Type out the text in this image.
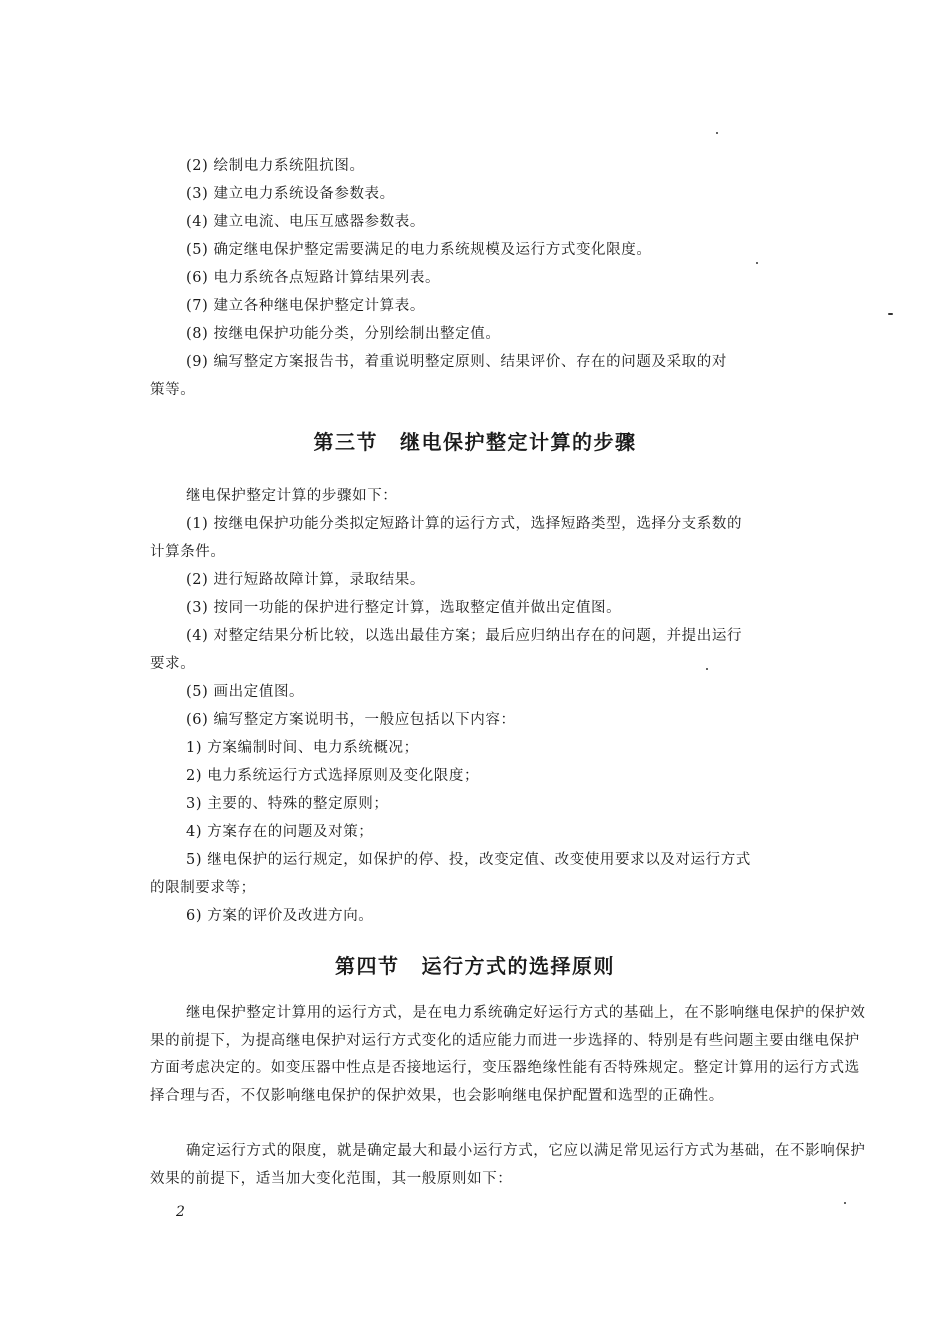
(2) 绘制电力系统阻抗图。
(3) 建立电力系统设备参数表。
(4) 建立电流、电压互感器参数表。
(5) 确定继电保护整定需要满足的电力系统规模及运行方式变化限度。
(6) 电力系统各点短路计算结果列表。
(7) 建立各种继电保护整定计算表。
(8) 按继电保护功能分类，分别绘制出整定值。
(9) 编写整定方案报告书，着重说明整定原则、结果评价、存在的问题及采取的对
策等。
第三节 继电保护整定计算的步骤
继电保护整定计算的步骤如下：
(1) 按继电保护功能分类拟定短路计算的运行方式，选择短路类型，选择分支系数的
计算条件。
(2) 进行短路故障计算，录取结果。
(3) 按同一功能的保护进行整定计算，选取整定值并做出定值图。
(4) 对整定结果分析比较，以选出最佳方案；最后应归纳出存在的问题，并提出运行
要求。
(5) 画出定值图。
(6) 编写整定方案说明书，一般应包括以下内容：
1) 方案编制时间、电力系统概况；
2) 电力系统运行方式选择原则及变化限度；
3) 主要的、特殊的整定原则；
4) 方案存在的问题及对策；
5) 继电保护的运行规定，如保护的停、投，改变定值、改变使用要求以及对运行方式
的限制要求等；
6) 方案的评价及改进方向。
第四节 运行方式的选择原则
继电保护整定计算用的运行方式，是在电力系统确定好运行方式的基础上，在不影响继电保护的保护效果的前提下，为提高继电保护对运行方式变化的适应能力而进一步选择的、特别是有些问题主要由继电保护方面考虑决定的。如变压器中性点是否接地运行，变压器绝缘性能有否特殊规定。整定计算用的运行方式选择合理与否，不仅影响继电保护的保护效果，也会影响继电保护配置和选型的正确性。
确定运行方式的限度，就是确定最大和最小运行方式，它应以满足常见运行方式为基础，在不影响保护效果的前提下，适当加大变化范围，其一般原则如下：
2
